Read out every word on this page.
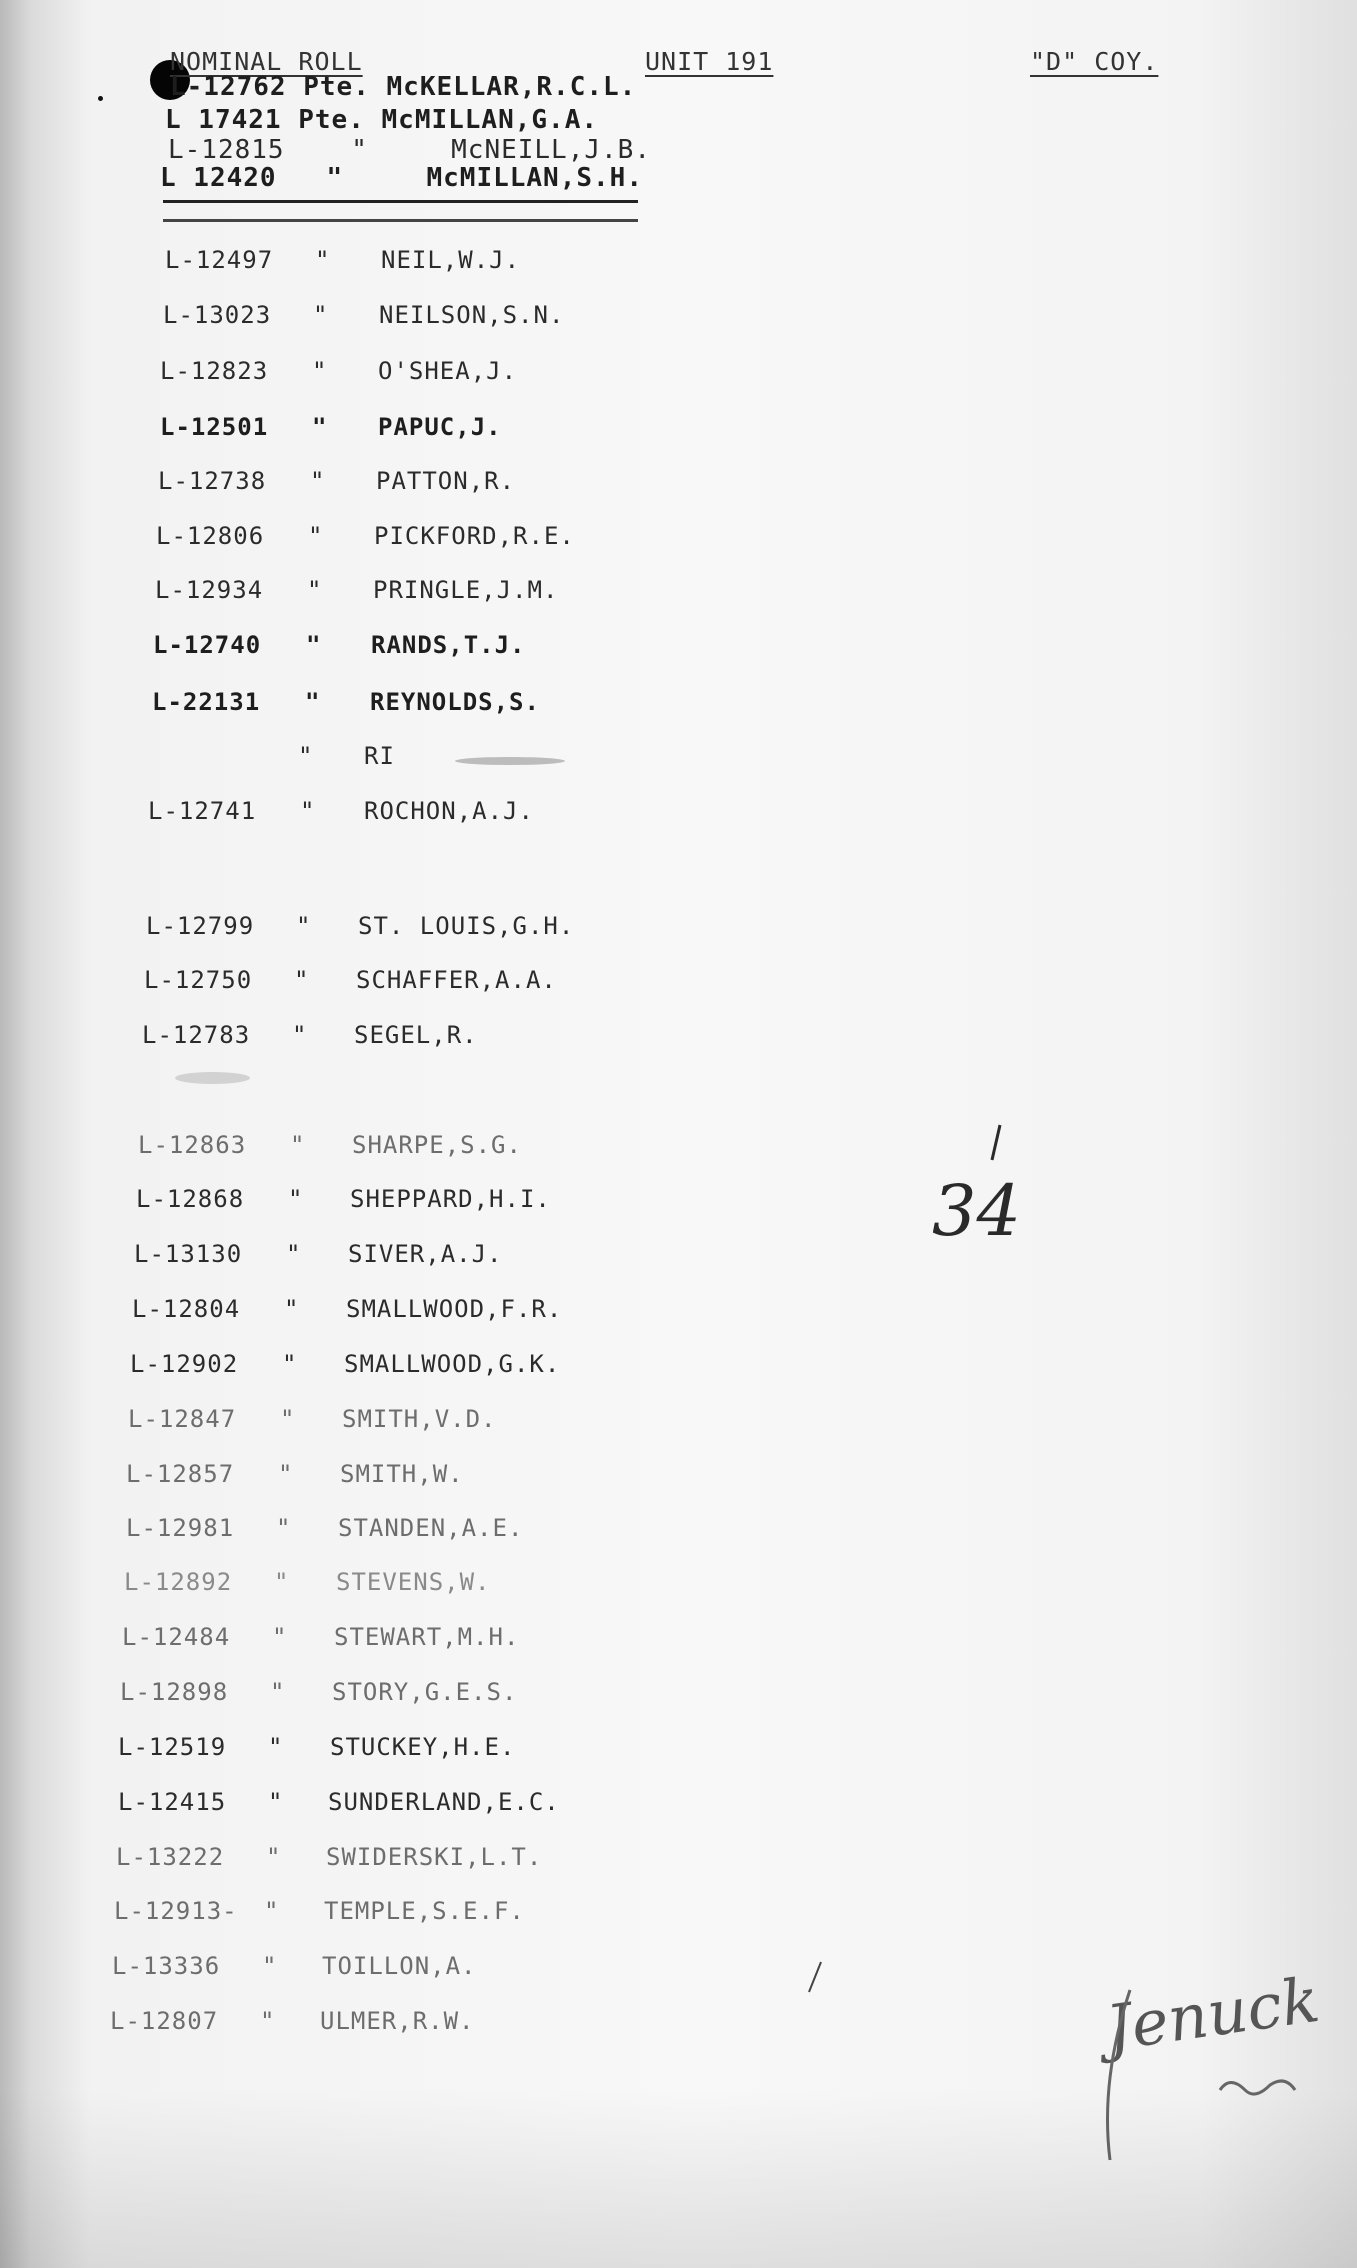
NOMINAL ROLL	UNIT 191	"D" COY.
L-12762 Pte. McKELLAR,R.C.L.
L 17421 Pte. McMILLAN,G.A.
L-12815	"	McNEILL,J.B.
L 12420 "	McMILLAN,S.H.
L-12497 " NEIL,W.J.
L-13023 " NEILSON,S.N.
L-12823 " O'SHEA,J.
L-12501 " PAPUC,J.
L-12738 " PATTON,R.
L-12806 " PICKFORD,R.E.
L-12934 " PRINGLE,J.M.
L-12740 " RANDS,T.J.
L-22131 " REYNOLDS,S.
" RI
L-12741 " ROCHON,A.J.
L-12799 " ST. LOUIS,G.H.
L-12750 " SCHAFFER,A.A.
L-12783 " SEGEL,R.
L-12863 " SHARPE,S.G.
L-12868 " SHEPPARD,H.I.
L-13130 " SIVER,A.J.
L-12804 " SMALLWOOD,F.R.
L-12902 " SMALLWOOD,G.K.
L-12847 " SMITH,V.D.
L-12857 " SMITH,W.
L-12981 " STANDEN,A.E.
L-12892 " STEVENS,W.
L-12484 " STEWART,M.H.
L-12898 " STORY,G.E.S.
L-12519 " STUCKEY,H.E.
L-12415 " SUNDERLAND,E.C.
L-13222 " SWIDERSKI,L.T.
L-12913- " TEMPLE,S.E.F.
L-13336 " TOILLON,A.
L-12807 " ULMER,R.W.
34
Jenuck
